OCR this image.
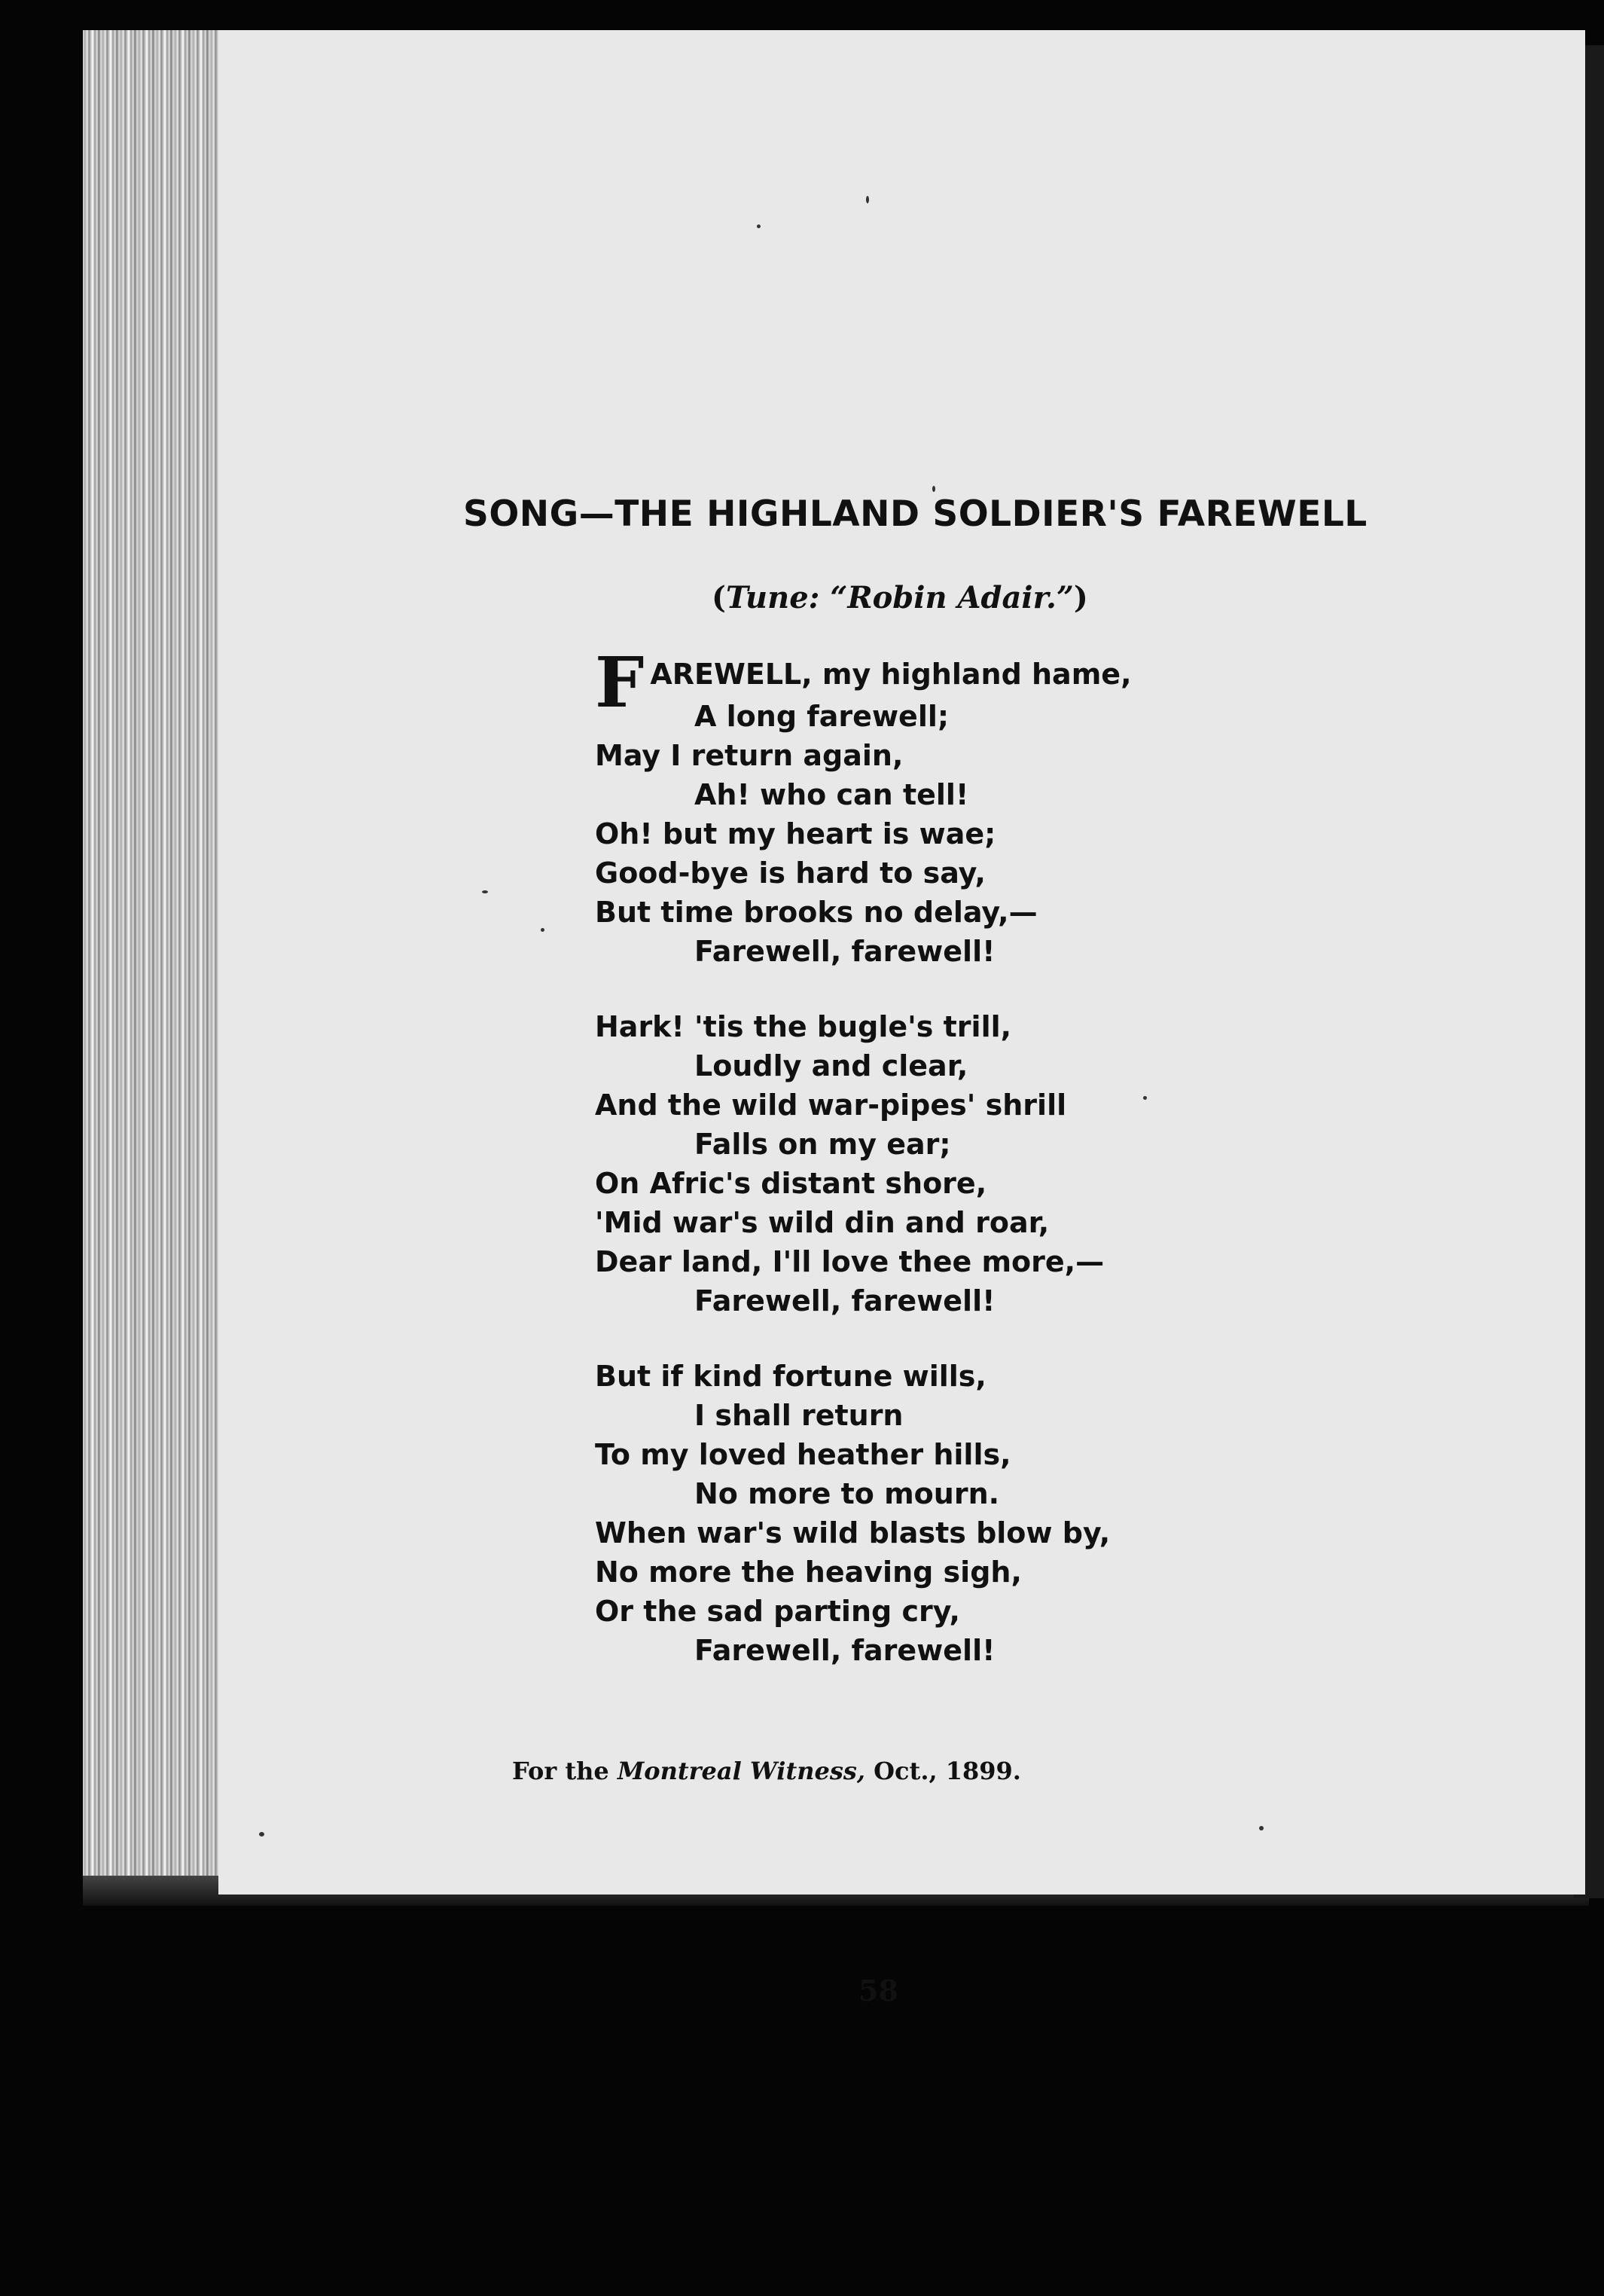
SONG—THE HIGHLAND SOLDIER'S FAREWELL
(Tune: “Robin Adair.”)
FAREWELL, my highland hame,
A long farewell;
May I return again,
Ah! who can tell!
Oh! but my heart is wae;
Good-bye is hard to say,
But time brooks no delay,—
Farewell, farewell!
Hark! 'tis the bugle's trill,
Loudly and clear,
And the wild war-pipes' shrill
Falls on my ear;
On Afric's distant shore,
'Mid war's wild din and roar,
Dear land, I'll love thee more,—
Farewell, farewell!
But if kind fortune wills,
I shall return
To my loved heather hills,
No more to mourn.
When war's wild blasts blow by,
No more the heaving sigh,
Or the sad parting cry,
Farewell, farewell!
For the Montreal Witness, Oct., 1899.
58
